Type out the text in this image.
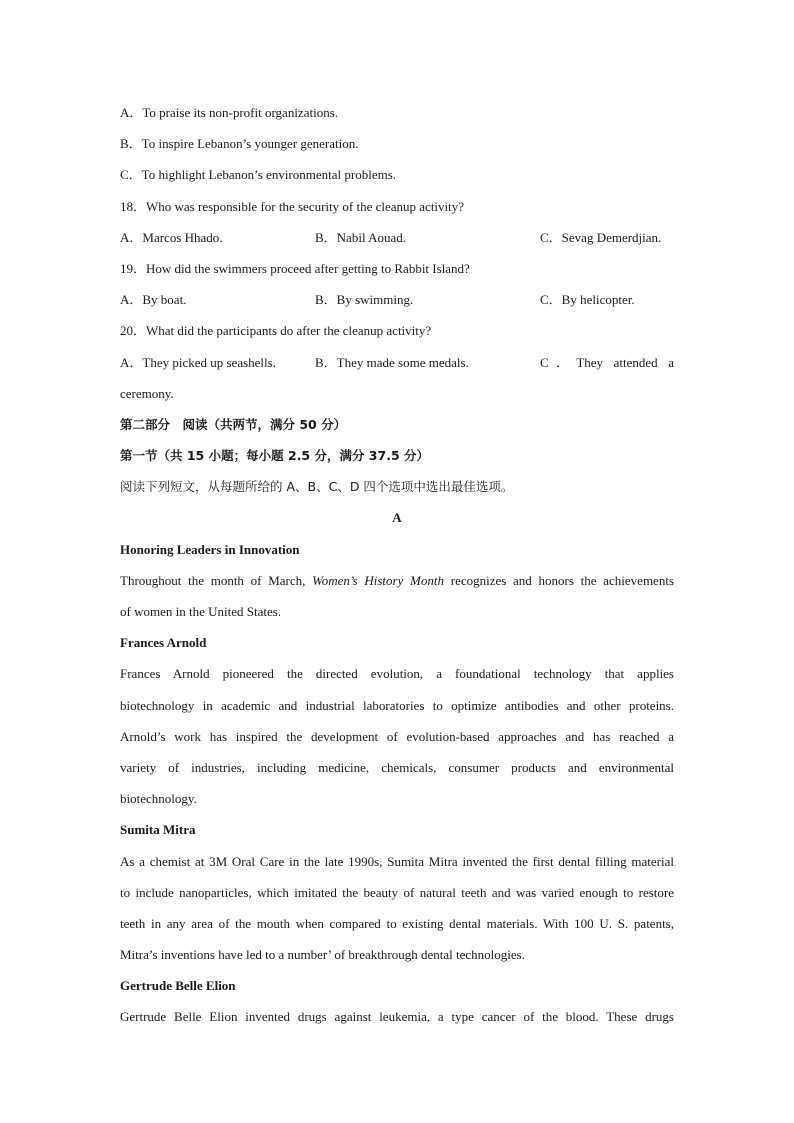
A．To praise its non-profit organizations.
B．To inspire Lebanon’s younger generation.
C．To highlight Lebanon’s environmental problems.
18．Who was responsible for the security of the cleanup activity?
A．Marcos Hhado.	B．Nabil Aouad.	C．Sevag Demerdjian.
19．How did the swimmers proceed after getting to Rabbit Island?
A．By boat.	B．By swimming.	C．By helicopter.
20．What did the participants do after the cleanup activity?
A．They picked up seashells.	B．They made some medals.	C．They attended a
ceremony.
第二部分　阅读（共两节，满分 50 分）
第一节（共 15 小题；每小题 2.5 分，满分 37.5 分）
阅读下列短文，从每题所给的 A、B、C、D 四个选项中选出最佳选项。
A
Honoring Leaders in Innovation
Throughout the month of March, Women’s History Month recognizes and honors the achievements
of women in the United States.
Frances Arnold
Frances Arnold pioneered the directed evolution, a foundational technology that applies
biotechnology in academic and industrial laboratories to optimize antibodies and other proteins.
Arnold’s work has inspired the development of evolution-based approaches and has reached a
variety of industries, including medicine, chemicals, consumer products and environmental
biotechnology.
Sumita Mitra
As a chemist at 3M Oral Care in the late 1990s, Sumita Mitra invented the first dental filling material
to include nanoparticles, which imitated the beauty of natural teeth and was varied enough to restore
teeth in any area of the mouth when compared to existing dental materials. With 100 U. S. patents,
Mitra’s inventions have led to a number’ of breakthrough dental technologies.
Gertrude Belle Elion
Gertrude Belle Elion invented drugs against leukemia, a type cancer of the blood. These drugs
